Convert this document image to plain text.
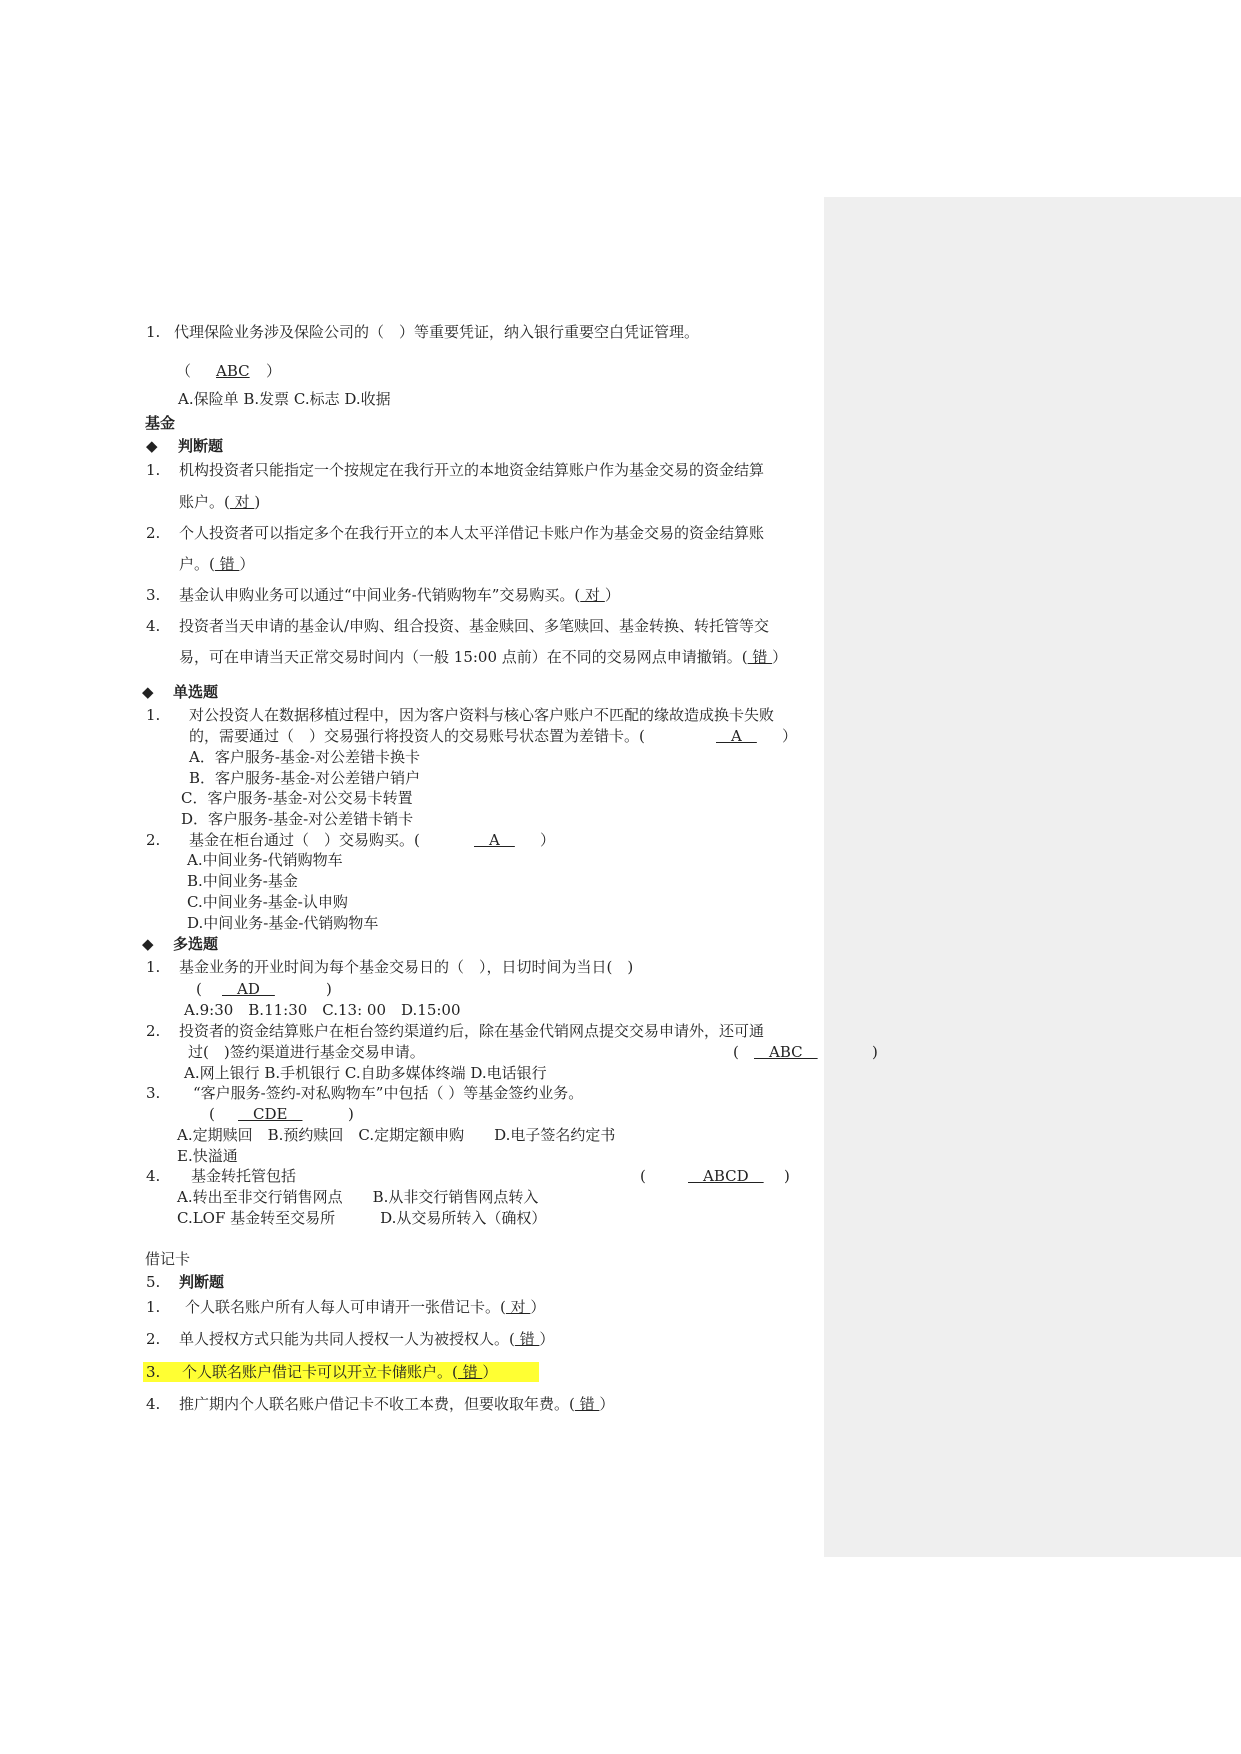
1. 代理保险业务涉及保险公司的（　）等重要凭证，纳入银行重要空白凭证管理。
（ ABC ）
A.保险单 B.发票 C.标志 D.收据
基金
◆ 判断题
1. 机构投资者只能指定一个按规定在我行开立的本地资金结算账户作为基金交易的资金结算
账户。( 对 )
2. 个人投资者可以指定多个在我行开立的本人太平洋借记卡账户作为基金交易的资金结算账
户。( 错 ）
3. 基金认申购业务可以通过“中间业务-代销购物车”交易购买。( 对 ）
4. 投资者当天申请的基金认/申购、组合投资、基金赎回、多笔赎回、基金转换、转托管等交
易，可在申请当天正常交易时间内（一般 15:00 点前）在不同的交易网点申请撤销。( 错 ）
◆ 单选题
1. 对公投资人在数据移植过程中，因为客户资料与核心客户账户不匹配的缘故造成换卡失败
的，需要通过（　）交易强行将投资人的交易账号状态置为差错卡。(	　A　 ）
A．客户服务-基金-对公差错卡换卡
B．客户服务-基金-对公差错户销户
C．客户服务-基金-对公交易卡转置
D．客户服务-基金-对公差错卡销卡
2. 基金在柜台通过（　）交易购买。(	　A　 ）
A.中间业务-代销购物车
B.中间业务-基金
C.中间业务-基金-认申购
D.中间业务-基金-代销购物车
◆ 多选题
1. 基金业务的开业时间为每个基金交易日的（　），日切时间为当日(　)
( 　AD　	)
A.9:30　B.11:30　C.13: 00　D.15:00
2. 投资者的资金结算账户在柜台签约渠道约后，除在基金代销网点提交交易申请外，还可通
过(　)签约渠道进行基金交易申请。	( 　ABC　	)
A.网上银行 B.手机银行 C.自助多媒体终端 D.电话银行
3. “客户服务-签约-对私购物车”中包括（ ）等基金签约业务。
( 　CDE　	)
A.定期赎回　B.预约赎回　C.定期定额申购　　D.电子签名约定书
E.快溢通
4. 基金转托管包括	(	　ABCD　 )
A.转出至非交行销售网点　　B.从非交行销售网点转入
C.LOF 基金转至交易所　　　D.从交易所转入（确权）
借记卡
5. 判断题
1. 个人联名账户所有人每人可申请开一张借记卡。( 对 ）
2. 单人授权方式只能为共同人授权一人为被授权人。( 错 ）
3. 个人联名账户借记卡可以开立卡储账户。( 错 ）
4. 推广期内个人联名账户借记卡不收工本费，但要收取年费。( 错 ）
